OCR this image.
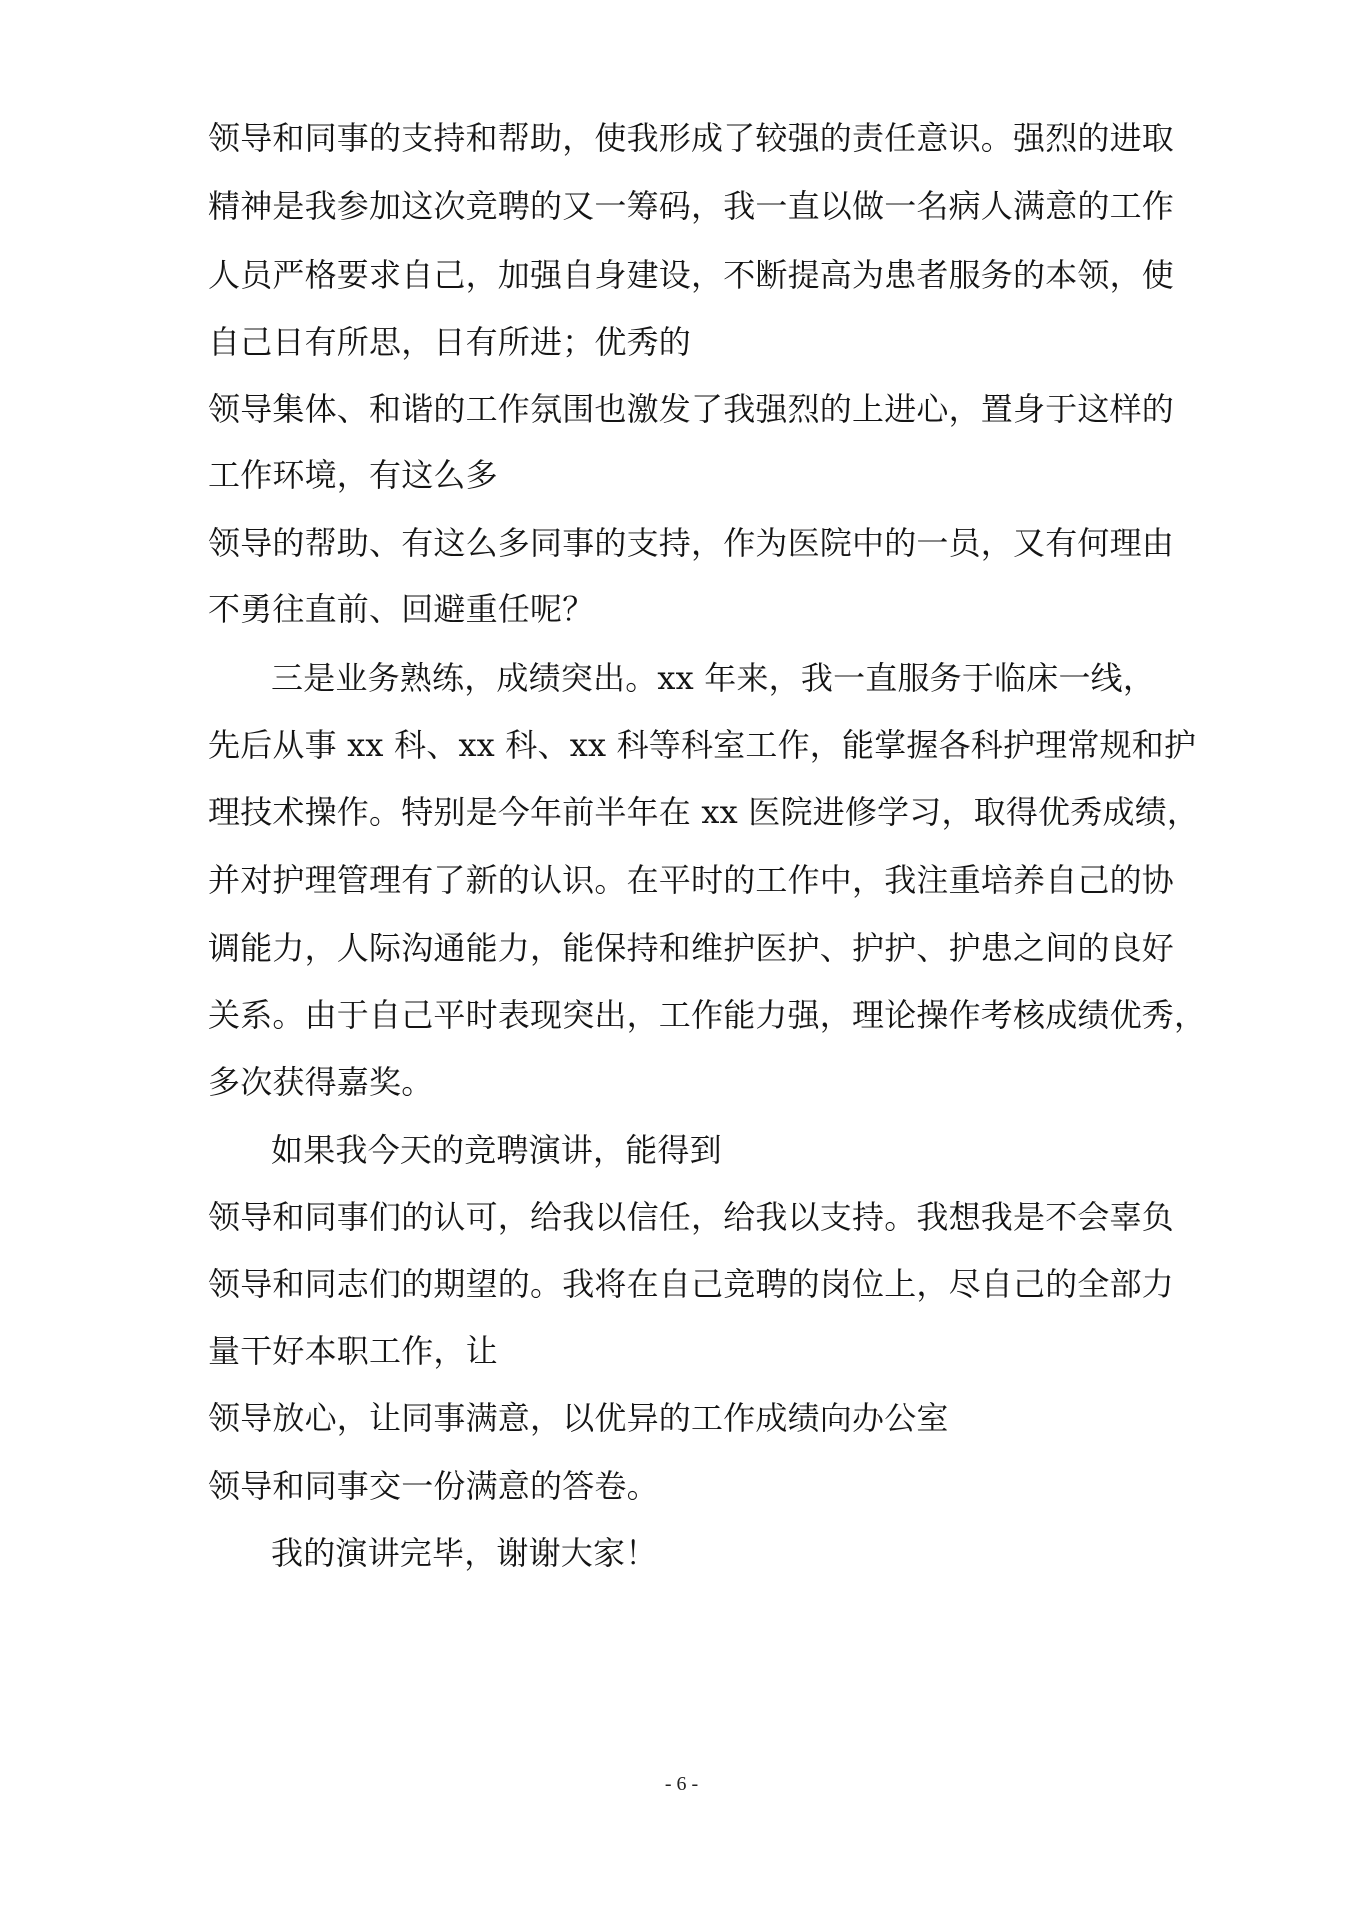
领导和同事的支持和帮助，使我形成了较强的责任意识。强烈的进取
精神是我参加这次竞聘的又一筹码，我一直以做一名病人满意的工作
人员严格要求自己，加强自身建设，不断提高为患者服务的本领，使
自己日有所思，日有所进；优秀的
领导集体、和谐的工作氛围也激发了我强烈的上进心，置身于这样的
工作环境，有这么多
领导的帮助、有这么多同事的支持，作为医院中的一员，又有何理由
不勇往直前、回避重任呢？
三是业务熟练，成绩突出。xx 年来，我一直服务于临床一线，
先后从事 xx 科、xx 科、xx 科等科室工作，能掌握各科护理常规和护
理技术操作。特别是今年前半年在 xx 医院进修学习，取得优秀成绩，
并对护理管理有了新的认识。在平时的工作中，我注重培养自己的协
调能力，人际沟通能力，能保持和维护医护、护护、护患之间的良好
关系。由于自己平时表现突出，工作能力强，理论操作考核成绩优秀，
多次获得嘉奖。
如果我今天的竞聘演讲，能得到
领导和同事们的认可，给我以信任，给我以支持。我想我是不会辜负
领导和同志们的期望的。我将在自己竞聘的岗位上，尽自己的全部力
量干好本职工作，让
领导放心，让同事满意，以优异的工作成绩向办公室
领导和同事交一份满意的答卷。
我的演讲完毕，谢谢大家！
- 6 -
